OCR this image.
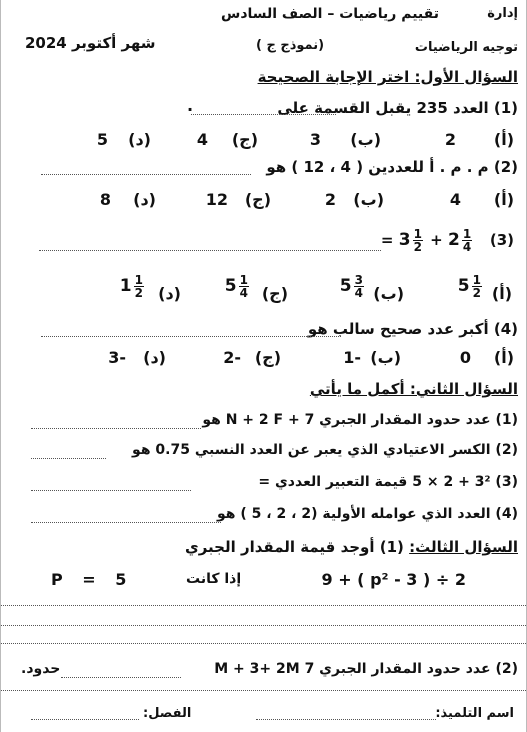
إدارة
تقييم رياضيات – الصف السادس
شهر أكتوبر 2024	(نموذج ج )	توجيه الرياضيات
السؤال الأول: اختر الإجابة الصحيحة
(1) العدد 235 يقبل القسمة على
.
(أ)
2
(ب)
3
(ج)
4
(د)
5
(2) م . م . أ للعددين ( 4 ، 12 ) هو
(أ)
4
(ب)
2
(ج)
12
(د)
8
= $3 \frac{1}{2} + 2 \frac{1}{4} (3)$
(أ)
$5 \frac{1}{2}$
(ب)
$5 \frac{3}{4}$
(ج)
$5 \frac{1}{4}$
(د)
$1 \frac{1}{2}$
(4) أكبر عدد صحيح سالب هو
(أ)
0
(ب)
-1
(ج)
-2
(د)
-3
السؤال الثاني: أكمل ما يأتي
(1) عدد حدود المقدار الجبري 7 + N + 2 F هو
(2) الكسر الاعتيادي الذي يعبر عن العدد النسبي 0.75 هو
(3) 3² + 2 × 5 قيمة التعبير العددي =
(4) العدد الذي عوامله الأولية (2 ، 2 ، 5 ) هو
السؤال الثالث: (1) أوجد قيمة المقدار الجبري
9 + ( p² - 3 ) ÷ 2
إذا كانت
P = 5
(2) عدد حدود المقدار الجبري 7 M + 3+ 2M
حدود.
اسم التلميذ:
الفصل:
